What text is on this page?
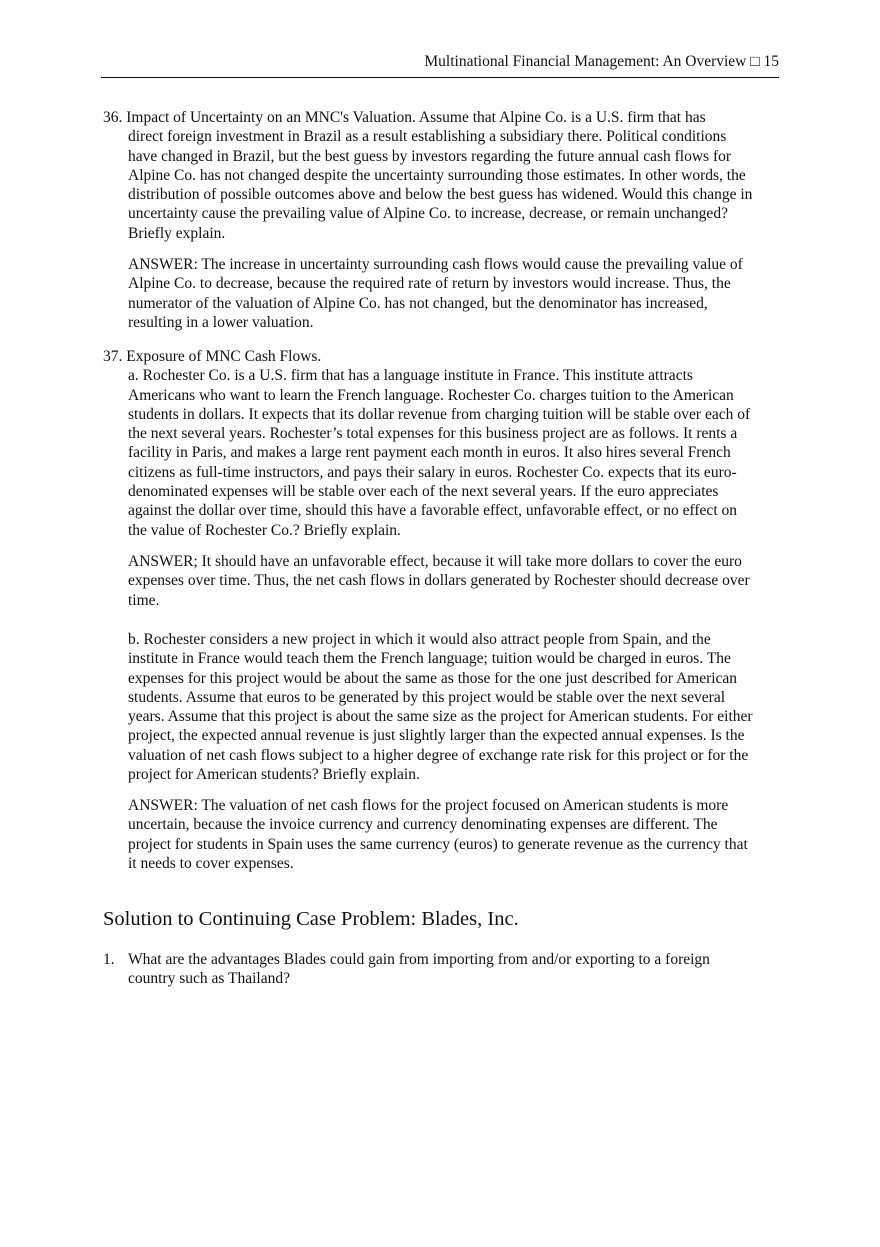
Multinational Financial Management: An Overview □ 15
36. Impact of Uncertainty on an MNC's Valuation. Assume that Alpine Co. is a U.S. firm that has
direct foreign investment in Brazil as a result establishing a subsidiary there. Political conditions
have changed in Brazil, but the best guess by investors regarding the future annual cash flows for
Alpine Co. has not changed despite the uncertainty surrounding those estimates. In other words, the
distribution of possible outcomes above and below the best guess has widened. Would this change in
uncertainty cause the prevailing value of Alpine Co. to increase, decrease, or remain unchanged?
Briefly explain.
ANSWER: The increase in uncertainty surrounding cash flows would cause the prevailing value of
Alpine Co. to decrease, because the required rate of return by investors would increase. Thus, the
numerator of the valuation of Alpine Co. has not changed, but the denominator has increased,
resulting in a lower valuation.
37. Exposure of MNC Cash Flows.
a. Rochester Co. is a U.S. firm that has a language institute in France. This institute attracts
Americans who want to learn the French language. Rochester Co. charges tuition to the American
students in dollars. It expects that its dollar revenue from charging tuition will be stable over each of
the next several years. Rochester’s total expenses for this business project are as follows. It rents a
facility in Paris, and makes a large rent payment each month in euros. It also hires several French
citizens as full-time instructors, and pays their salary in euros. Rochester Co. expects that its euro-
denominated expenses will be stable over each of the next several years. If the euro appreciates
against the dollar over time, should this have a favorable effect, unfavorable effect, or no effect on
the value of Rochester Co.? Briefly explain.
ANSWER; It should have an unfavorable effect, because it will take more dollars to cover the euro
expenses over time. Thus, the net cash flows in dollars generated by Rochester should decrease over
time.
b. Rochester considers a new project in which it would also attract people from Spain, and the
institute in France would teach them the French language; tuition would be charged in euros. The
expenses for this project would be about the same as those for the one just described for American
students. Assume that euros to be generated by this project would be stable over the next several
years. Assume that this project is about the same size as the project for American students. For either
project, the expected annual revenue is just slightly larger than the expected annual expenses. Is the
valuation of net cash flows subject to a higher degree of exchange rate risk for this project or for the
project for American students? Briefly explain.
ANSWER: The valuation of net cash flows for the project focused on American students is more
uncertain, because the invoice currency and currency denominating expenses are different. The
project for students in Spain uses the same currency (euros) to generate revenue as the currency that
it needs to cover expenses.
Solution to Continuing Case Problem: Blades, Inc.
1. What are the advantages Blades could gain from importing from and/or exporting to a foreign
country such as Thailand?
